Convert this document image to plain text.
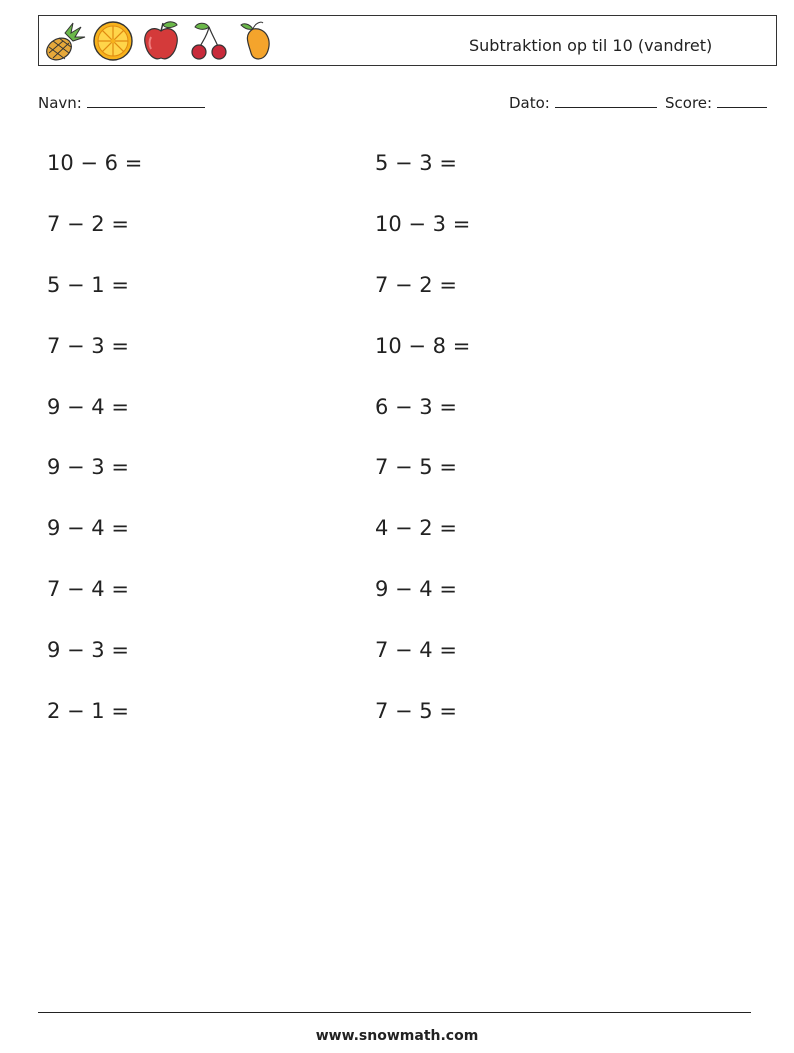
Subtraktion op til 10 (vandret)
Navn:	Dato:	Score:
10 − 6 =
7 − 2 =
5 − 1 =
7 − 3 =
9 − 4 =
9 − 3 =
9 − 4 =
7 − 4 =
9 − 3 =
2 − 1 =
5 − 3 =
10 − 3 =
7 − 2 =
10 − 8 =
6 − 3 =
7 − 5 =
4 − 2 =
9 − 4 =
7 − 4 =
7 − 5 =
www.snowmath.com
